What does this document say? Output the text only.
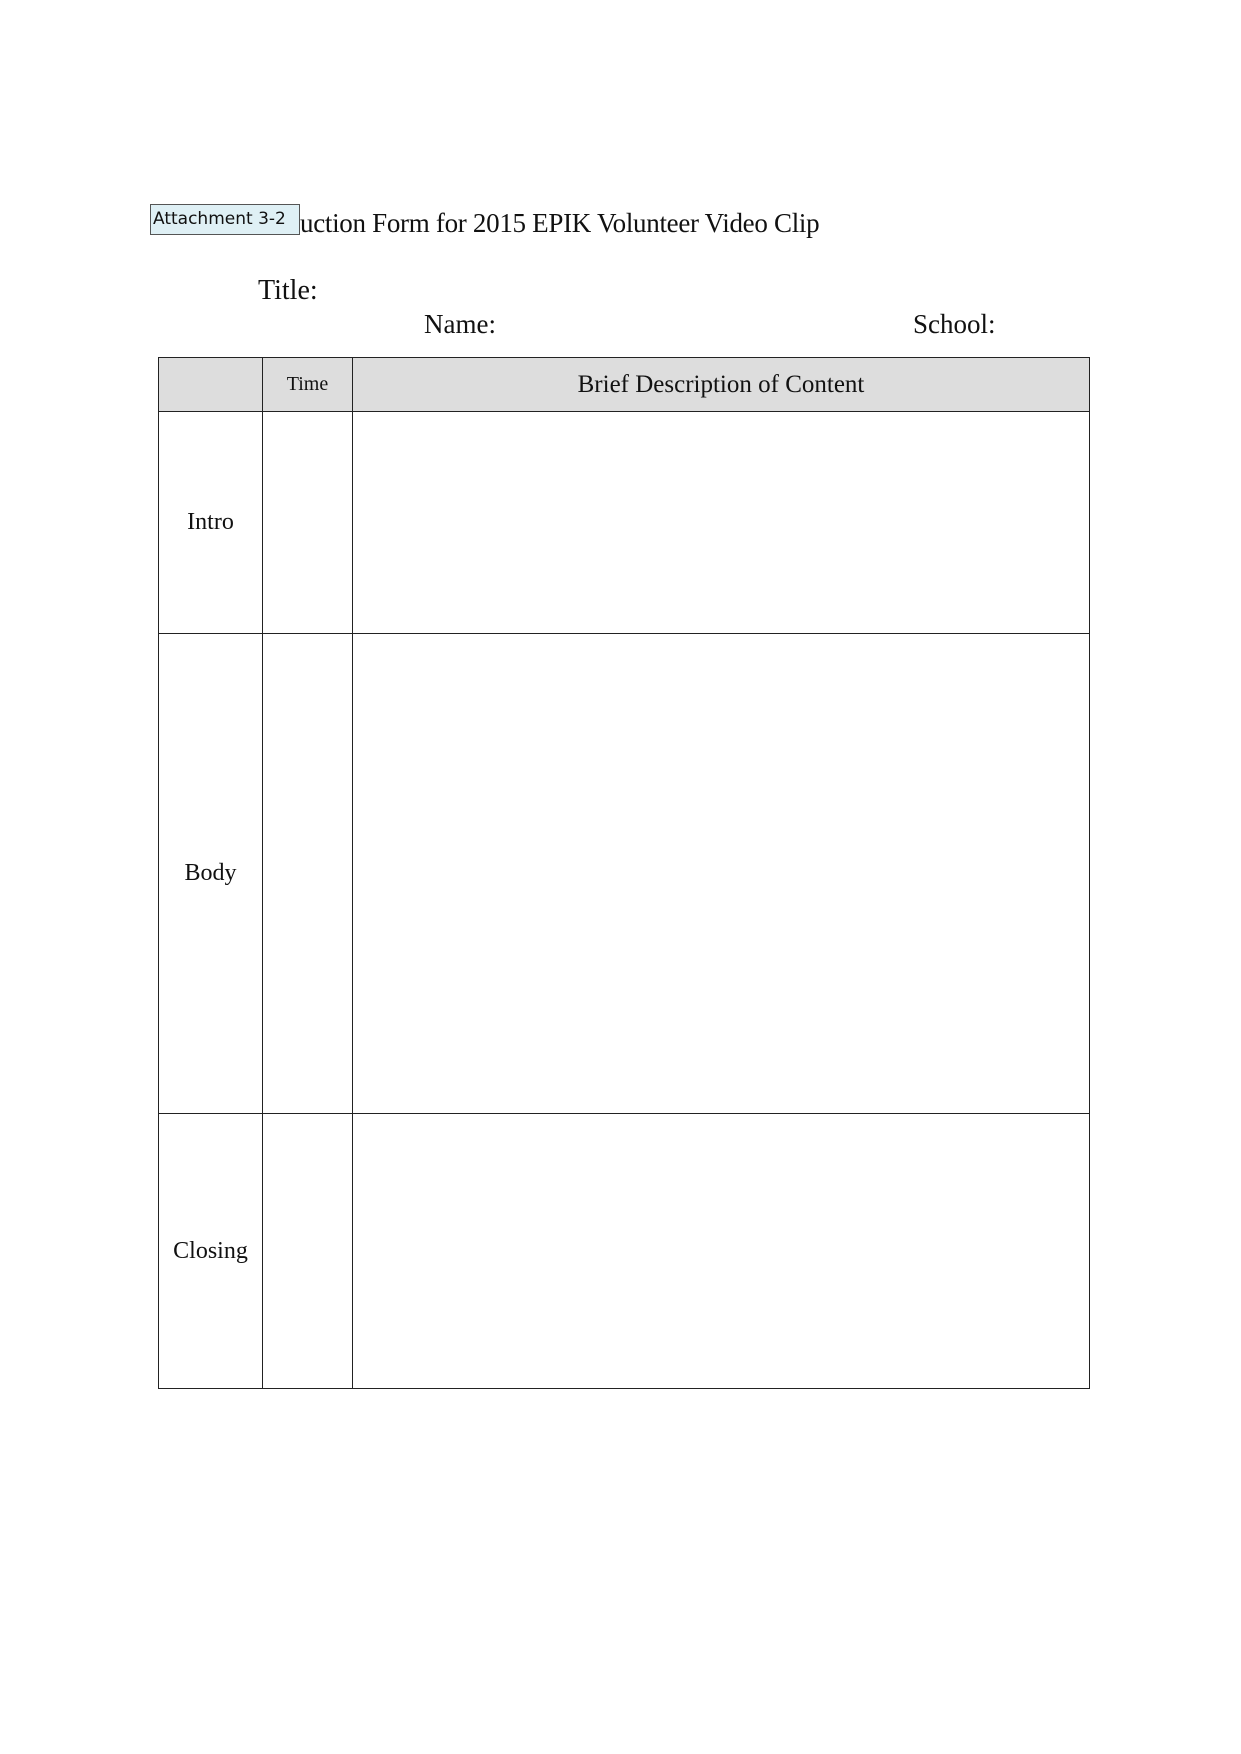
Attachment 3-2 uction Form for 2015 EPIK Volunteer Video Clip
Title:
Name:	School:
	Time	Brief Description of Content
Intro		
Body		
Closing		
